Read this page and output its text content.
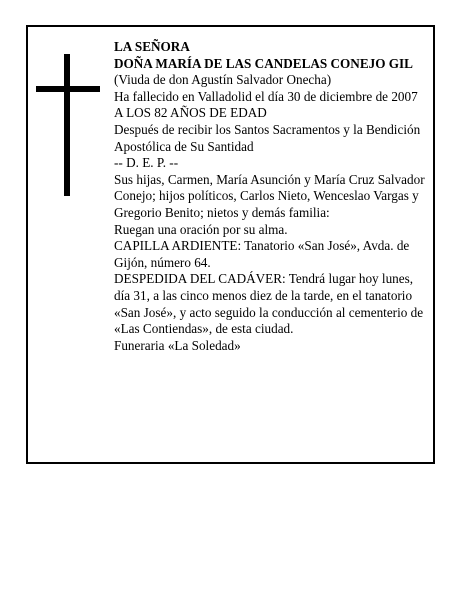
LA SEÑORA

DOÑA MARÍA DE LAS CANDELAS CONEJO GIL

(Viuda de don Agustín Salvador Onecha)

Ha fallecido en Valladolid el día 30 de diciembre de 2007

A LOS 82 AÑOS DE EDAD

Después de recibir los Santos Sacramentos y la Bendición Apostólica de Su Santidad

-- D. E. P. --

Sus hijas, Carmen, María Asunción y María Cruz Salvador Conejo; hijos políticos, Carlos Nieto, Wenceslao Vargas y Gregorio Benito; nietos y demás familia:

Ruegan una oración por su alma.

CAPILLA ARDIENTE: Tanatorio «San José», Avda. de Gijón, número 64.

DESPEDIDA DEL CADÁVER: Tendrá lugar hoy lunes, día 31, a las cinco menos diez de la tarde, en el tanatorio «San José», y acto seguido la conducción al cementerio de «Las Contiendas», de esta ciudad.

Funeraria «La Soledad»
